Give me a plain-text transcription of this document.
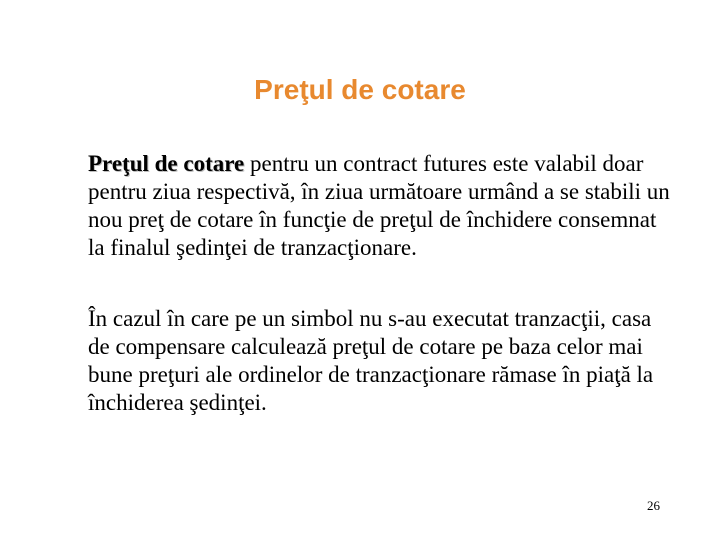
Preţul de cotare

Preţul de cotare pentru un contract futures este valabil doar pentru ziua respectivă, în ziua următoare urmând a se stabili un nou preţ de cotare în funcţie de preţul de închidere consemnat la finalul şedinţei de tranzacţionare.

În cazul în care pe un simbol nu s-au executat tranzacţii, casa de compensare calculează preţul de cotare pe baza celor mai bune preţuri ale ordinelor de tranzacţionare rămase în piaţă la închiderea şedinţei.

26
